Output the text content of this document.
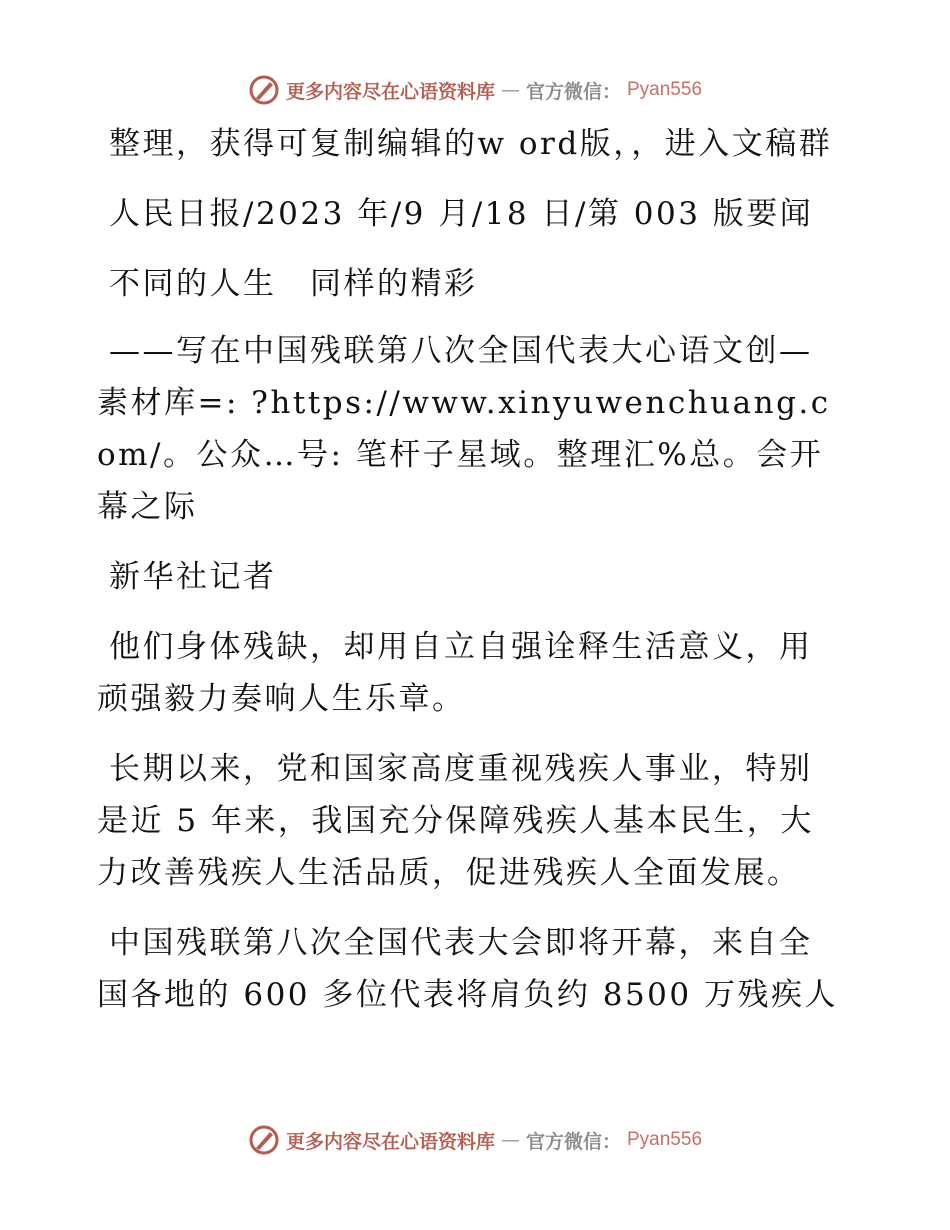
更多内容尽在心语资料库 — 官方微信： Pyan556

整理，获得可复制编辑的w ord版，，进入文稿群

人民日报/2023 年/9 月/18 日/第 003 版要闻

不同的人生　同样的精彩

——写在中国残联第八次全国代表大心语文创—素材库=: ?https://www.xinyuwenchuang.com/。公众…号: 笔杆子星域。整理汇%总。会开幕之际

新华社记者

他们身体残缺，却用自立自强诠释生活意义，用顽强毅力奏响人生乐章。

长期以来，党和国家高度重视残疾人事业，特别是近 5 年来，我国充分保障残疾人基本民生，大力改善残疾人生活品质，促进残疾人全面发展。

中国残联第八次全国代表大会即将开幕，来自全国各地的 600 多位代表将肩负约 8500 万残疾人

更多内容尽在心语资料库 — 官方微信： Pyan556
